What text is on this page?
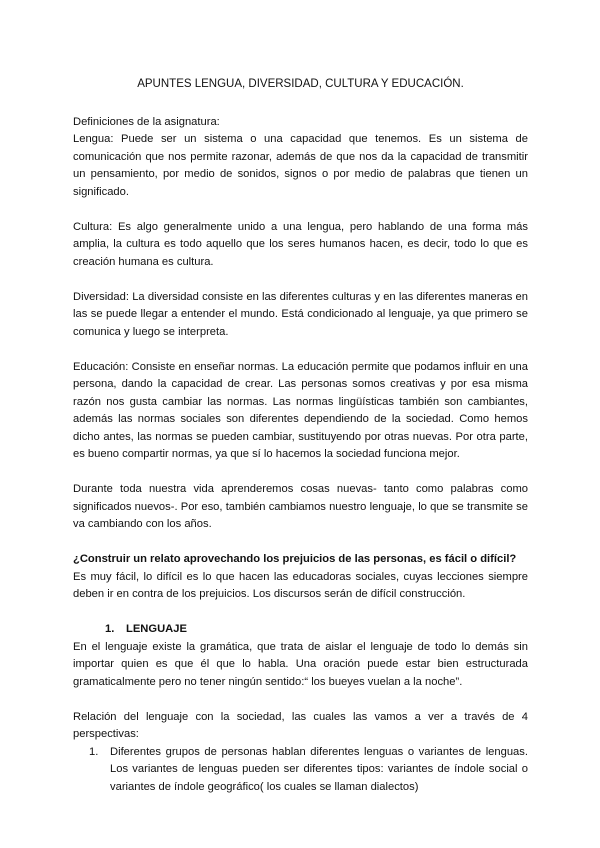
APUNTES LENGUA, DIVERSIDAD, CULTURA Y EDUCACIÓN.

Definiciones de la asignatura:

Lengua: Puede ser un sistema o una capacidad que tenemos. Es un sistema de comunicación que nos permite razonar, además de que nos da la capacidad de transmitir un pensamiento, por medio de sonidos, signos o por medio de palabras que tienen un significado.

Cultura: Es algo generalmente unido a una lengua, pero hablando de una forma más amplia, la cultura es todo aquello que los seres humanos hacen, es decir, todo lo que es creación humana es cultura.

Diversidad: La diversidad consiste en las diferentes culturas y en las diferentes maneras en las se puede llegar a entender el mundo. Está condicionado al lenguaje, ya que primero se comunica y luego se interpreta.

Educación: Consiste en enseñar normas. La educación permite que podamos influir en una persona, dando la capacidad de crear. Las personas somos creativas y por esa misma razón nos gusta cambiar las normas. Las normas lingüísticas también son cambiantes, además las normas sociales son diferentes dependiendo de la sociedad. Como hemos dicho antes, las normas se pueden cambiar, sustituyendo por otras nuevas. Por otra parte, es bueno compartir normas, ya que sí lo hacemos la sociedad funciona mejor.

Durante toda nuestra vida aprenderemos cosas nuevas- tanto como palabras como significados nuevos-. Por eso, también cambiamos nuestro lenguaje, lo que se transmite se va cambiando con los años.

¿Construir un relato aprovechando los prejuicios de las personas, es fácil o difícil?

Es muy fácil, lo difícil es lo que hacen las educadoras sociales, cuyas lecciones siempre deben ir en contra de los prejuicios. Los discursos serán de difícil construcción.

1.	LENGUAJE

En el lenguaje existe la gramática, que trata de aislar el lenguaje de todo lo demás sin importar quien es que él que lo habla. Una oración puede estar bien estructurada gramaticalmente pero no tener ningún sentido:“ los bueyes vuelan a la noche”.

Relación del lenguaje con la sociedad, las cuales las vamos a ver a través de 4 perspectivas:

1.	Diferentes grupos de personas hablan diferentes lenguas o variantes de lenguas. Los variantes de lenguas pueden ser diferentes tipos: variantes de índole social o variantes de índole geográfico( los cuales se llaman dialectos)
